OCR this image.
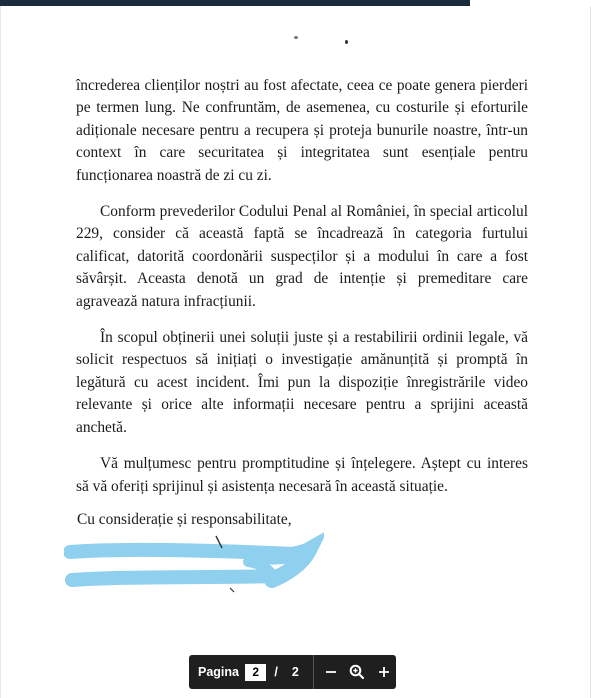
încrederea clienților noștri au fost afectate, ceea ce poate genera pierderi pe termen lung. Ne confruntăm, de asemenea, cu costurile și eforturile adiționale necesare pentru a recupera și proteja bunurile noastre, într-un context în care securitatea și integritatea sunt esențiale pentru funcționarea noastră de zi cu zi.

Conform prevederilor Codului Penal al României, în special articolul 229, consider că această faptă se încadrează în categoria furtului calificat, datorită coordonării suspecților și a modului în care a fost săvârșit. Aceasta denotă un grad de intenție și premeditare care agravează natura infracțiunii.

În scopul obținerii unei soluții juste și a restabilirii ordinii legale, vă solicit respectuos să inițiați o investigație amănunțită și promptă în legătură cu acest incident. Îmi pun la dispoziție înregistrările video relevante și orice alte informații necesare pentru a sprijini această anchetă.

Vă mulțumesc pentru promptitudine și înțelegere. Aștept cu interes să vă oferiți sprijinul și asistența necesară în această situație.

Cu considerație și responsabilitate,
Pagina	2	/ 2
